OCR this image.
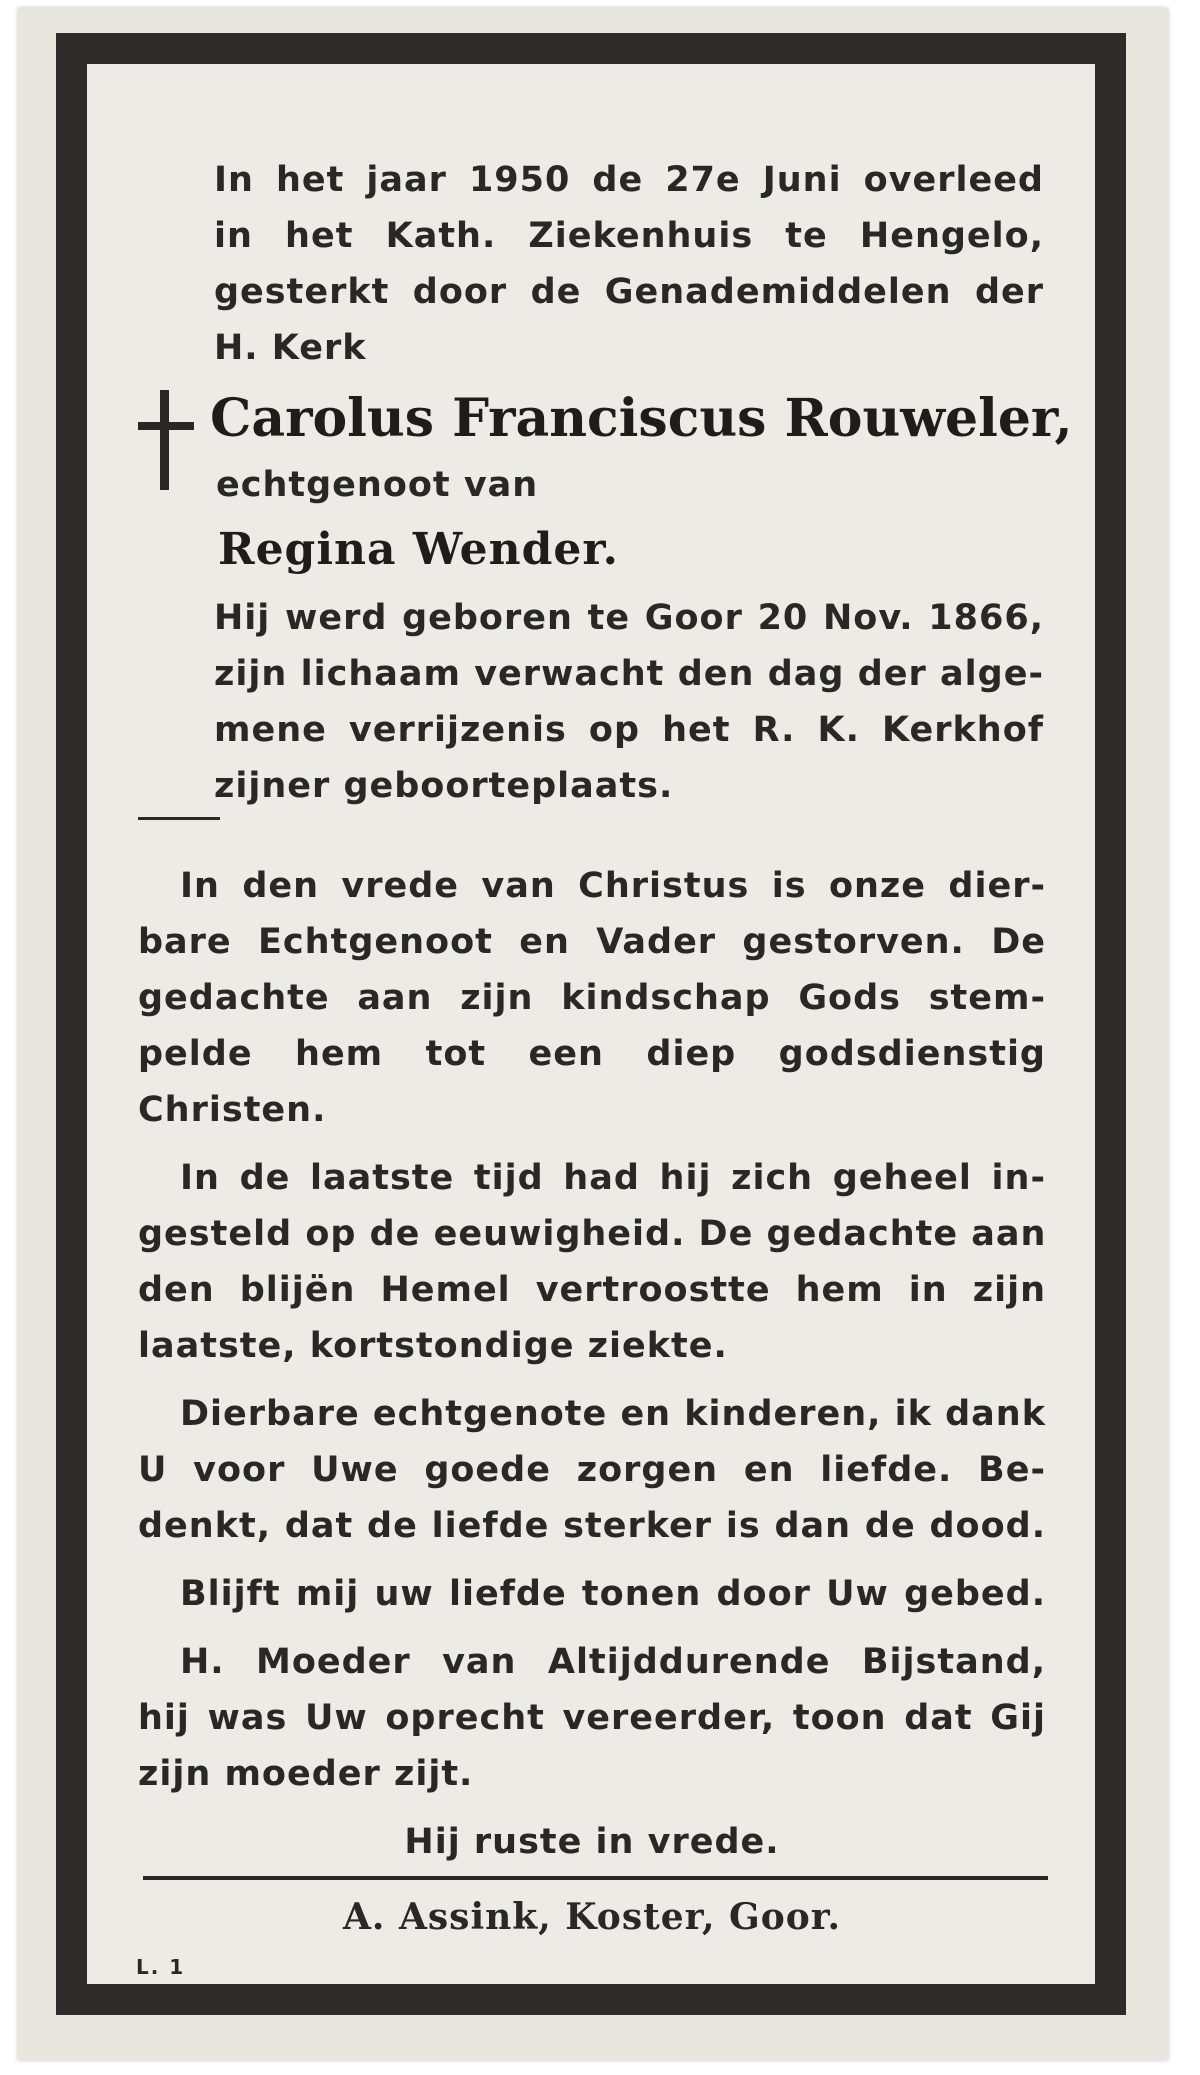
In het jaar 1950 de 27e Juni overleed
in het Kath. Ziekenhuis te Hengelo,
gesterkt door de Genademiddelen der
H. Kerk
Carolus Franciscus Rouweler,
echtgenoot van
Regina Wender.
Hij werd geboren te Goor 20 Nov. 1866,
zijn lichaam verwacht den dag der alge-
mene verrijzenis op het R. K. Kerkhof
zijner geboorteplaats.
In den vrede van Christus is onze dier-
bare Echtgenoot en Vader gestorven. De
gedachte aan zijn kindschap Gods stem-
pelde hem tot een diep godsdienstig
Christen.
In de laatste tijd had hij zich geheel in-
gesteld op de eeuwigheid. De gedachte aan
den blijën Hemel vertroostte hem in zijn
laatste, kortstondige ziekte.
Dierbare echtgenote en kinderen, ik dank
U voor Uwe goede zorgen en liefde. Be-
denkt, dat de liefde sterker is dan de dood.
Blijft mij uw liefde tonen door Uw gebed.
H. Moeder van Altijddurende Bijstand,
hij was Uw oprecht vereerder, toon dat Gij
zijn moeder zijt.
Hij ruste in vrede.
A. Assink, Koster, Goor.
L. 1
